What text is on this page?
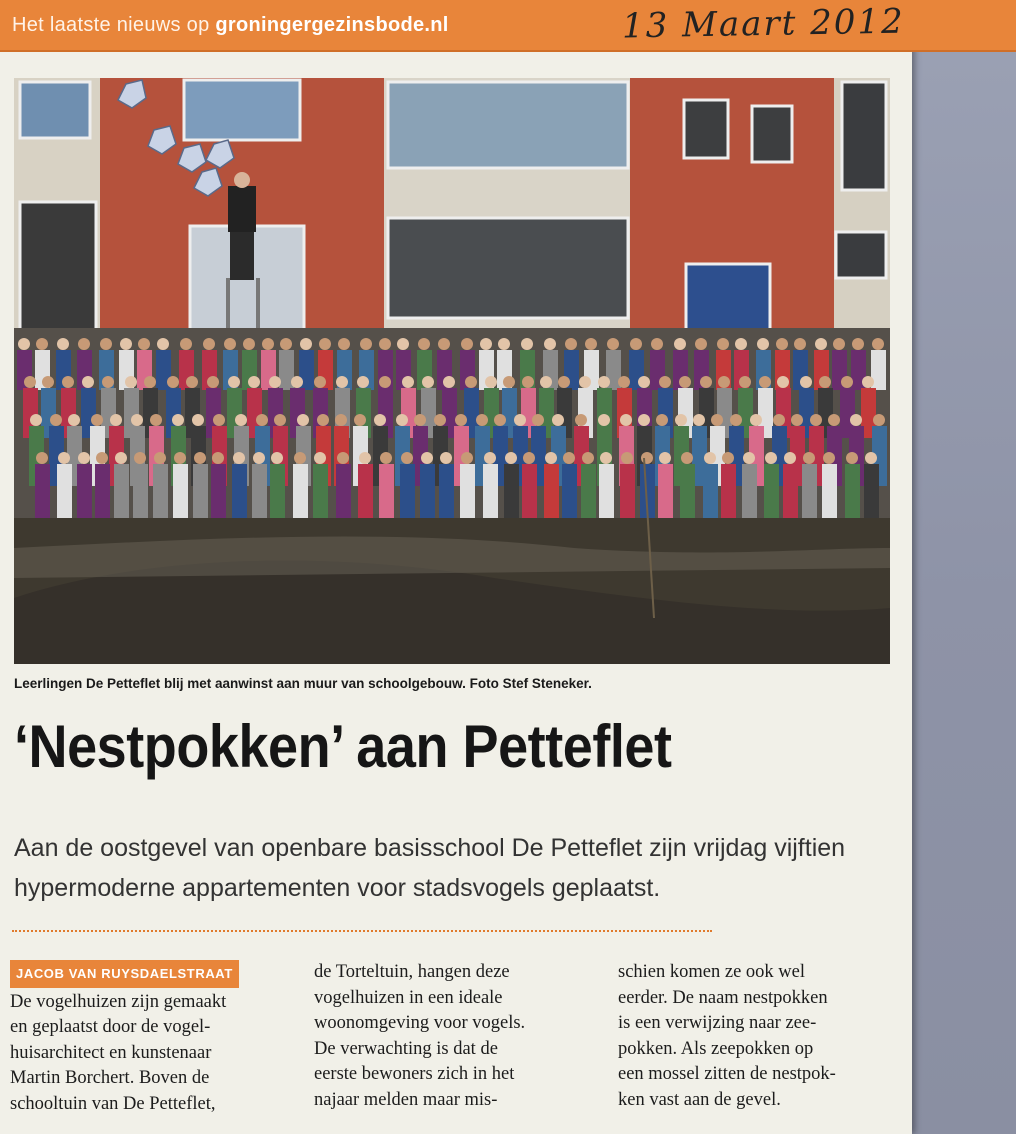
Leerlingen De Petteflet blij met aanwinst aan muur van schoolgebouw. Foto Stef Steneker.
‘Nestpokken’ aan Petteflet
Aan de oostgevel van openbare basisschool De Petteflet zijn vrijdag vijftien hypermoderne appartementen voor stadsvogels geplaatst.
JACOB VAN RUYSDAELSTRAAT
De vogelhuizen zijn gemaakt
en geplaatst door de vogel-
huisarchitect en kunstenaar
Martin Borchert. Boven de
schooltuin van De Petteflet,
de Torteltuin, hangen deze
vogelhuizen in een ideale
woonomgeving voor vogels.
De verwachting is dat de
eerste bewoners zich in het
najaar melden maar mis-
schien komen ze ook wel
eerder. De naam nestpokken
is een verwijzing naar zee-
pokken. Als zeepokken op
een mossel zitten de nestpok-
ken vast aan de gevel.
Het laatste nieuws op groningergezinsbode.nl	13 Maart 2012
